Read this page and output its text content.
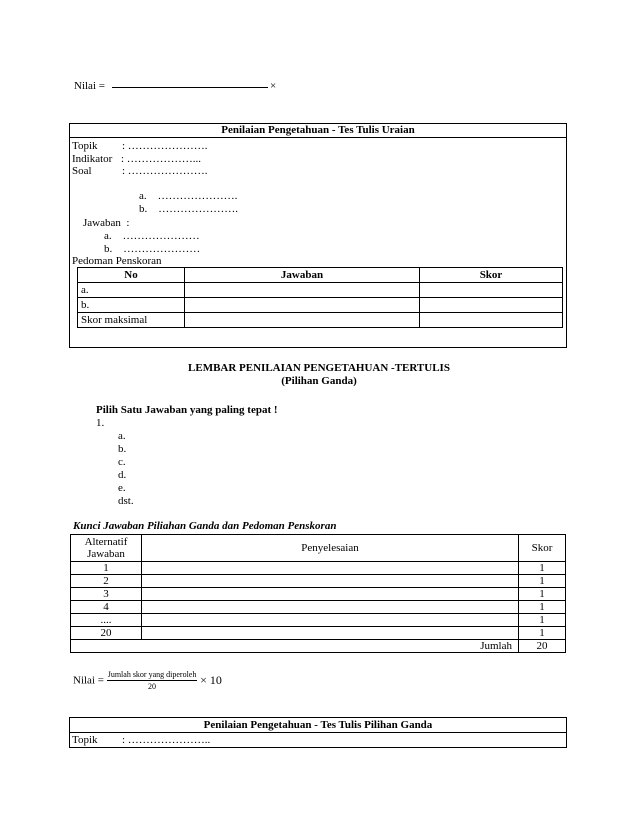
Nilai =	×
Penilaian Pengetahuan - Tes Tulis Uraian
Topik : ………………….
Indikator : ………………...
Soal	: ………………….

a.    ………………….

b.    ………………….

Jawaban  :

a.    …………………

b.    …………………

Pedoman Penskoran
No	Jawaban	Skor
a.		
b.		
Skor maksimal		
LEMBAR PENILAIAN PENGETAHUAN -TERTULIS
(Pilihan Ganda)
Pilih Satu Jawaban yang paling tepat !
1.
a.
b.
c.
d.
e.
dst.
Kunci Jawaban Piliahan Ganda dan Pedoman Penskoran
Alternatif
Jawaban	Penyelesaian	Skor
1		1
2		1
3		1
4		1
....		1
20		1
Jumlah		20
Nilai = $\frac{\text{Jumlah skor yang diperoleh}}{20} \times 10$
Penilaian Pengetahuan - Tes Tulis Pilihan Ganda
Topik : …………………..
